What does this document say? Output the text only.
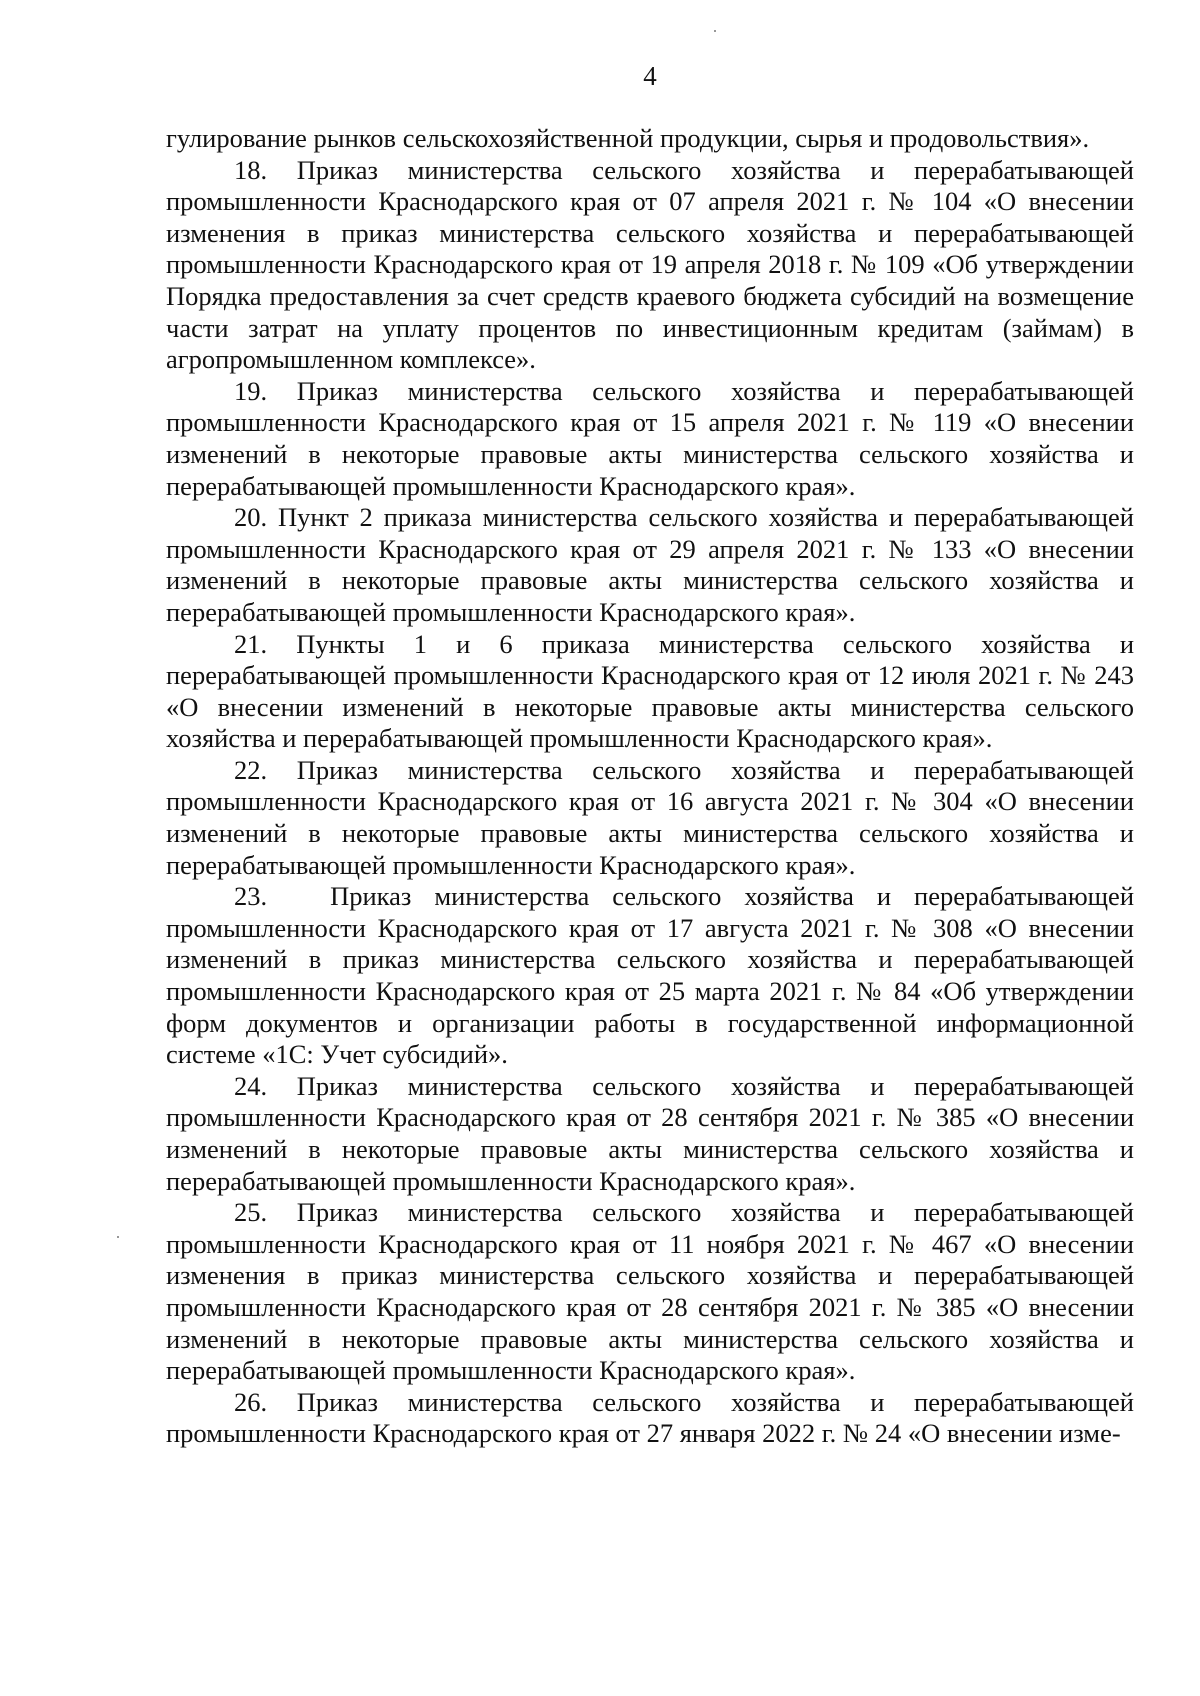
4

гулирование рынков сельскохозяйственной продукции, сырья и продовольствия».

18. Приказ министерства сельского хозяйства и перерабатывающей промышленности Краснодарского края от 07 апреля 2021 г. № 104 «О внесении изменения в приказ министерства сельского хозяйства и перерабатывающей промышленности Краснодарского края от 19 апреля 2018 г. № 109 «Об утверждении Порядка предоставления за счет средств краевого бюджета субсидий на возмещение части затрат на уплату процентов по инвестиционным кредитам (займам) в агропромышленном комплексе».

19. Приказ министерства сельского хозяйства и перерабатывающей промышленности Краснодарского края от 15 апреля 2021 г. № 119 «О внесении изменений в некоторые правовые акты министерства сельского хозяйства и перерабатывающей промышленности Краснодарского края».

20. Пункт 2 приказа министерства сельского хозяйства и перерабатывающей промышленности Краснодарского края от 29 апреля 2021 г. № 133 «О внесении изменений в некоторые правовые акты министерства сельского хозяйства и перерабатывающей промышленности Краснодарского края».

21. Пункты 1 и 6 приказа министерства сельского хозяйства и перерабатывающей промышленности Краснодарского края от 12 июля 2021 г. № 243 «О внесении изменений в некоторые правовые акты министерства сельского хозяйства и перерабатывающей промышленности Краснодарского края».

22. Приказ министерства сельского хозяйства и перерабатывающей промышленности Краснодарского края от 16 августа 2021 г. № 304 «О внесении изменений в некоторые правовые акты министерства сельского хозяйства и перерабатывающей промышленности Краснодарского края».

23. Приказ министерства сельского хозяйства и перерабатывающей промышленности Краснодарского края от 17 августа 2021 г. № 308 «О внесении изменений в приказ министерства сельского хозяйства и перерабатывающей промышленности Краснодарского края от 25 марта 2021 г. № 84 «Об утверждении форм документов и организации работы в государственной информационной системе «1С: Учет субсидий».

24. Приказ министерства сельского хозяйства и перерабатывающей промышленности Краснодарского края от 28 сентября 2021 г. № 385 «О внесении изменений в некоторые правовые акты министерства сельского хозяйства и перерабатывающей промышленности Краснодарского края».

25. Приказ министерства сельского хозяйства и перерабатывающей промышленности Краснодарского края от 11 ноября 2021 г. № 467 «О внесении изменения в приказ министерства сельского хозяйства и перерабатывающей промышленности Краснодарского края от 28 сентября 2021 г. № 385 «О внесении изменений в некоторые правовые акты министерства сельского хозяйства и перерабатывающей промышленности Краснодарского края».

26. Приказ министерства сельского хозяйства и перерабатывающей промышленности Краснодарского края от 27 января 2022 г. № 24 «О внесении изме-
